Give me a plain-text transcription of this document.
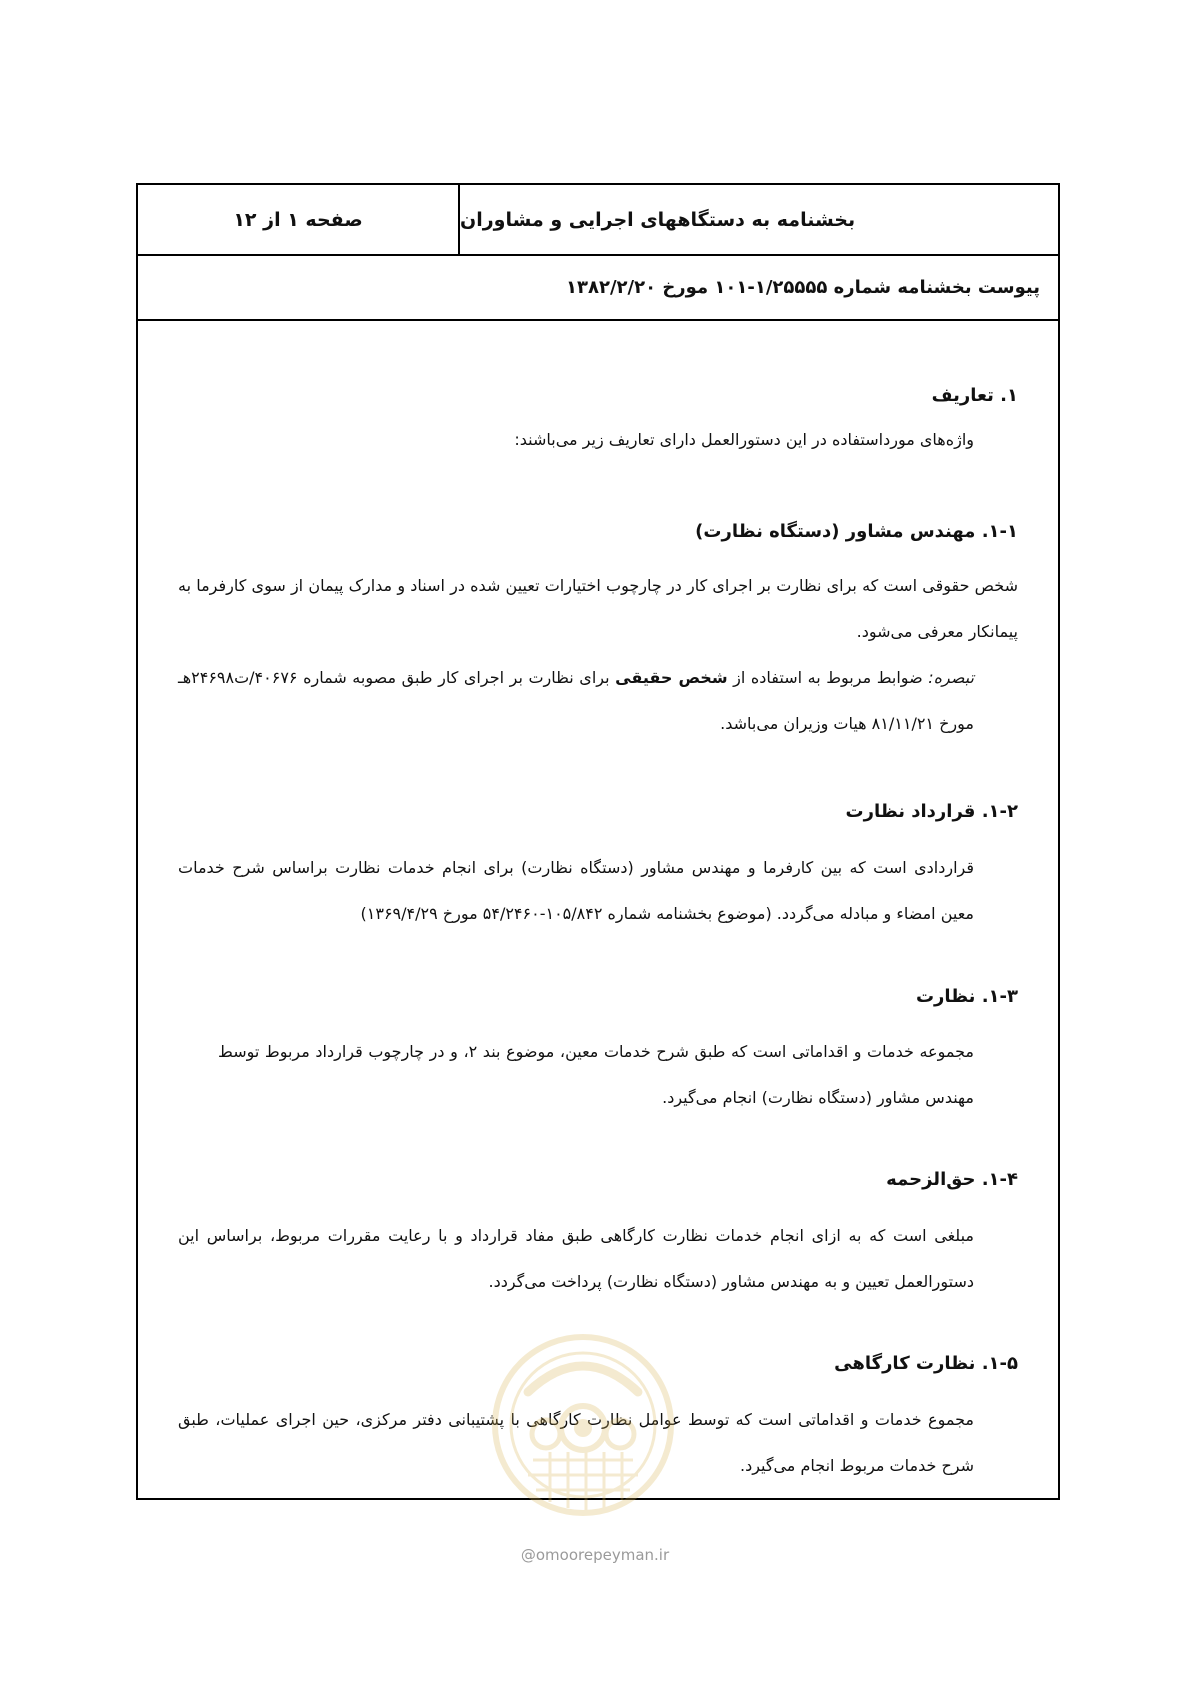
صفحه ۱ از ۱۲	بخشنامه به دستگاههای اجرایی و مشاوران
پیوست بخشنامه شماره ۱/۲۵۵۵۵-۱۰۱ مورخ ۱۳۸۲/۲/۲۰
۱. تعاریف

واژه‌های مورداستفاده در این دستورالعمل دارای تعاریف زیر می‌باشند:

۱-۱. مهندس مشاور (دستگاه نظارت)

شخص حقوقی است که برای نظارت بر اجرای کار در چارچوب اختیارات تعیین شده در اسناد و مدارک پیمان از سوی کارفرما به پیمانکار معرفی می‌شود.

تبصره: ضوابط مربوط به استفاده از شخص حقیقی برای نظارت بر اجرای کار طبق مصوبه شماره ۴۰۶۷۶/ت۲۴۶۹۸هـ مورخ ۸۱/۱۱/۲۱ هیات وزیران می‌باشد.

۱-۲. قرارداد نظارت

قراردادی است که بین کارفرما و مهندس مشاور (دستگاه نظارت) برای انجام خدمات نظارت براساس شرح خدمات معین امضاء و مبادله می‌گردد. (موضوع بخشنامه شماره ۱۰۵/۸۴۲-۵۴/۲۴۶۰ مورخ ۱۳۶۹/۴/۲۹)

۱-۳. نظارت

مجموعه خدمات و اقداماتی است که طبق شرح خدمات معین، موضوع بند ۲، و در چارچوب قرارداد مربوط توسط مهندس مشاور (دستگاه نظارت) انجام می‌گیرد.

۱-۴. حق‌الزحمه

مبلغی است که به ازای انجام خدمات نظارت کارگاهی طبق مفاد قرارداد و با رعایت مقررات مربوط، براساس این دستورالعمل تعیین و به مهندس مشاور (دستگاه نظارت) پرداخت می‌گردد.

۱-۵. نظارت کارگاهی

مجموع خدمات و اقداماتی است که توسط عوامل نظارت کارگاهی با پشتیبانی دفتر مرکزی، حین اجرای عملیات، طبق شرح خدمات مربوط انجام می‌گیرد.

@omoorepeyman.ir
